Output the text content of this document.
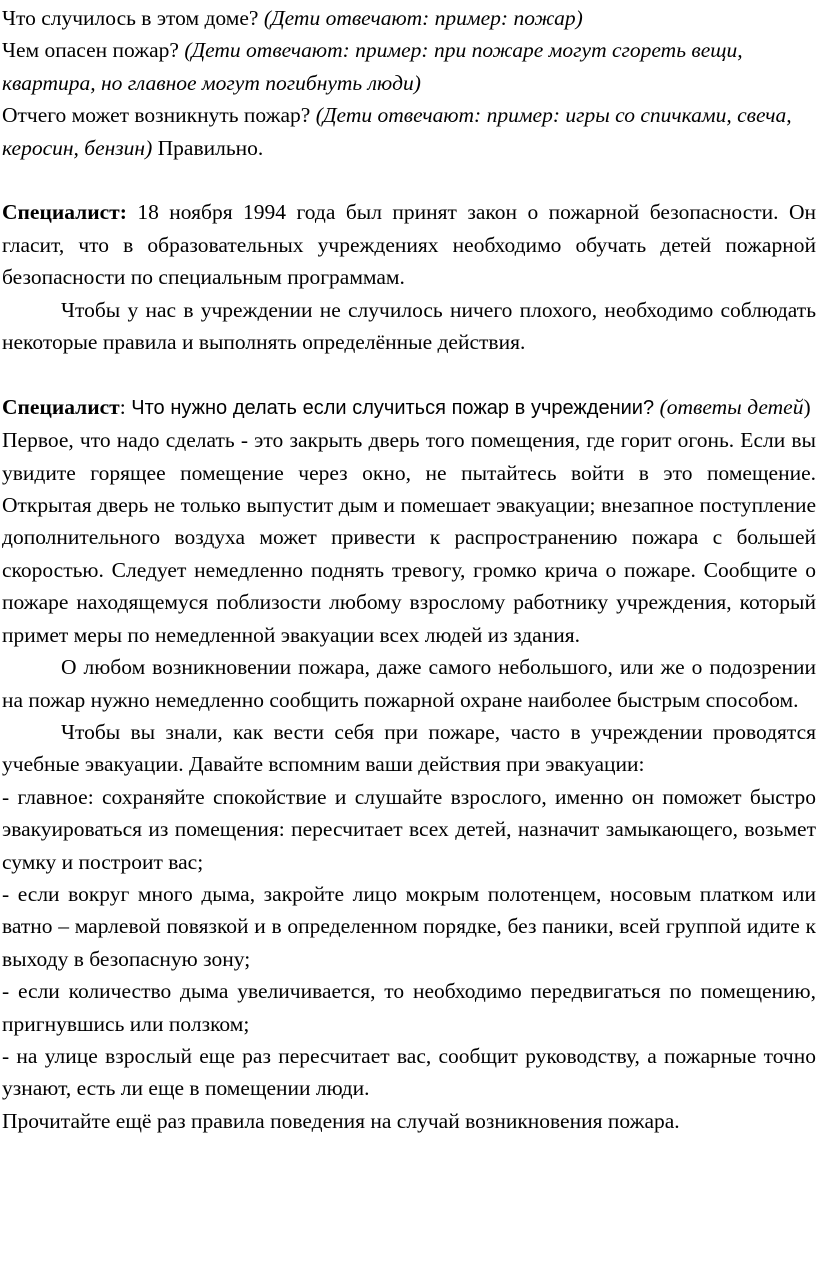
Что случилось в этом доме? (Дети отвечают: пример: пожар)

Чем опасен пожар? (Дети отвечают: пример: при пожаре могут сгореть вещи, квартира, но главное могут погибнуть люди)

Отчего может возникнуть пожар? (Дети отвечают: пример: игры со спичками, свеча, керосин, бензин) Правильно.

Специалист: 18 ноября 1994 года был принят закон о пожарной безопасности. Он гласит, что в образовательных учреждениях необходимо обучать детей пожарной безопасности по специальным программам.

Чтобы у нас в учреждении не случилось ничего плохого, необходимо соблюдать некоторые правила и выполнять определённые действия.

Специалист: Что нужно делать если случиться пожар в учреждении? (ответы детей)  Первое, что надо сделать - это закрыть дверь того помещения, где горит огонь. Если вы увидите горящее помещение через окно, не пытайтесь войти в это помещение. Открытая дверь не только выпустит дым и помешает эвакуации; внезапное поступление дополнительного воздуха может привести к распространению пожара с большей скоростью. Следует немедленно поднять тревогу, громко крича о пожаре. Сообщите о пожаре находящемуся поблизости любому взрослому работнику учреждения, который примет меры по немедленной эвакуации всех людей из здания.

О любом возникновении пожара, даже самого небольшого, или же о подозрении на пожар нужно немедленно сообщить пожарной охране наиболее быстрым способом.

Чтобы вы знали, как вести себя при пожаре, часто в учреждении проводятся учебные эвакуации. Давайте вспомним ваши действия при эвакуации:

- главное: сохраняйте спокойствие и слушайте взрослого, именно он поможет быстро эвакуироваться из помещения: пересчитает всех детей, назначит замыкающего, возьмет сумку и построит вас;

- если вокруг много дыма, закройте лицо мокрым полотенцем, носовым платком или ватно – марлевой повязкой и в определенном порядке, без паники, всей группой идите к выходу в безопасную зону;

- если количество дыма увеличивается, то необходимо передвигаться по помещению, пригнувшись или ползком;

- на улице взрослый еще раз пересчитает вас, сообщит руководству, а пожарные точно узнают, есть ли еще в помещении люди.

Прочитайте ещё раз правила поведения на случай возникновения пожара.
